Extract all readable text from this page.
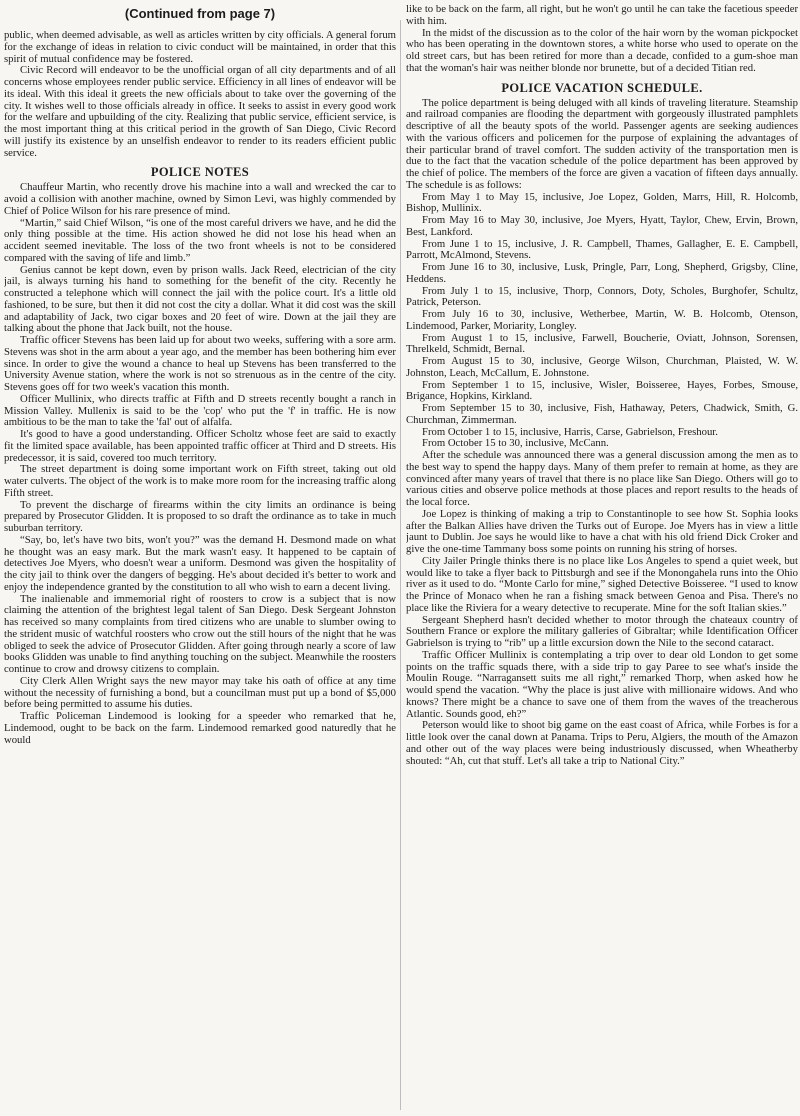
(Continued from page 7)

public, when deemed advisable, as well as articles written by city officials. A general forum for the exchange of ideas in relation to civic conduct will be maintained, in order that this spirit of mutual confidence may be fostered.

Civic Record will endeavor to be the unofficial organ of all city departments and of all concerns whose employees render public service. Efficiency in all lines of endeavor will be its ideal. With this ideal it greets the new officials about to take over the governing of the city. It wishes well to those officials already in office. It seeks to assist in every good work for the welfare and upbuilding of the city. Realizing that public service, efficient service, is the most important thing at this critical period in the growth of San Diego, Civic Record will justify its existence by an unselfish endeavor to render to its readers efficient public service.

POLICE NOTES

Chauffeur Martin, who recently drove his machine into a wall and wrecked the car to avoid a collision with another machine, owned by Simon Levi, was highly commended by Chief of Police Wilson for his rare presence of mind.

“Martin,” said Chief Wilson, “is one of the most careful drivers we have, and he did the only thing possible at the time. His action showed he did not lose his head when an accident seemed inevitable. The loss of the two front wheels is not to be considered compared with the saving of life and limb.”

Genius cannot be kept down, even by prison walls. Jack Reed, electrician of the city jail, is always turning his hand to something for the benefit of the city. Recently he constructed a telephone which will connect the jail with the police court. It's a little old fashioned, to be sure, but then it did not cost the city a dollar. What it did cost was the skill and adaptability of Jack, two cigar boxes and 20 feet of wire. Down at the jail they are talking about the phone that Jack built, not the house.

Traffic officer Stevens has been laid up for about two weeks, suffering with a sore arm. Stevens was shot in the arm about a year ago, and the member has been bothering him ever since. In order to give the wound a chance to heal up Stevens has been transferred to the University Avenue station, where the work is not so strenuous as in the centre of the city. Stevens goes off for two week's vacation this month.

Officer Mullinix, who directs traffic at Fifth and D streets recently bought a ranch in Mission Valley. Mullenix is said to be the 'cop' who put the 'f' in traffic. He is now ambitious to be the man to take the 'fal' out of alfalfa.

It's good to have a good understanding. Officer Scholtz whose feet are said to exactly fit the limited space available, has been appointed traffic officer at Third and D streets. His predecessor, it is said, covered too much territory.

The street department is doing some important work on Fifth street, taking out old water culverts. The object of the work is to make more room for the increasing traffic along Fifth street.

To prevent the discharge of firearms within the city limits an ordinance is being prepared by Prosecutor Glidden. It is proposed to so draft the ordinance as to take in much suburban territory.

“Say, bo, let's have two bits, won't you?” was the demand H. Desmond made on what he thought was an easy mark. But the mark wasn't easy. It happened to be captain of detectives Joe Myers, who doesn't wear a uniform. Desmond was given the hospitality of the city jail to think over the dangers of begging. He's about decided it's better to work and enjoy the independence granted by the constitution to all who wish to earn a decent living.

The inalienable and immemorial right of roosters to crow is a subject that is now claiming the attention of the brightest legal talent of San Diego. Desk Sergeant Johnston has received so many complaints from tired citizens who are unable to slumber owing to the strident music of watchful roosters who crow out the still hours of the night that he was obliged to seek the advice of Prosecutor Glidden. After going through nearly a score of law books Glidden was unable to find anything touching on the subject. Meanwhile the roosters continue to crow and drowsy citizens to complain.

City Clerk Allen Wright says the new mayor may take his oath of office at any time without the necessity of furnishing a bond, but a councilman must put up a bond of $5,000 before being permitted to assume his duties.

Traffic Policeman Lindemood is looking for a speeder who remarked that he, Lindemood, ought to be back on the farm. Lindemood remarked good naturedly that he would

like to be back on the farm, all right, but he won't go until he can take the facetious speeder with him.

In the midst of the discussion as to the color of the hair worn by the woman pickpocket who has been operating in the downtown stores, a white horse who used to operate on the old street cars, but has been retired for more than a decade, confided to a gum-shoe man that the woman's hair was neither blonde nor brunette, but of a decided Titian red.

POLICE VACATION SCHEDULE.

The police department is being deluged with all kinds of traveling literature. Steamship and railroad companies are flooding the department with gorgeously illustrated pamphlets descriptive of all the beauty spots of the world. Passenger agents are seeking audiences with the various officers and policemen for the purpose of explaining the advantages of their particular brand of travel comfort. The sudden activity of the transportation men is due to the fact that the vacation schedule of the police department has been approved by the chief of police. The members of the force are given a vacation of fifteen days annually. The schedule is as follows:

From May 1 to May 15, inclusive, Joe Lopez, Golden, Marrs, Hill, R. Holcomb, Bishop, Mullinix.

From May 16 to May 30, inclusive, Joe Myers, Hyatt, Taylor, Chew, Ervin, Brown, Best, Lankford.

From June 1 to 15, inclusive, J. R. Campbell, Thames, Gallagher, E. E. Campbell, Parrott, McAlmond, Stevens.

From June 16 to 30, inclusive, Lusk, Pringle, Parr, Long, Shepherd, Grigsby, Cline, Heddens.

From July 1 to 15, inclusive, Thorp, Connors, Doty, Scholes, Burghofer, Schultz, Patrick, Peterson.

From July 16 to 30, inclusive, Wetherbee, Martin, W. B. Holcomb, Otenson, Lindemood, Parker, Moriarity, Longley.

From August 1 to 15, inclusive, Farwell, Boucherie, Oviatt, Johnson, Sorensen, Threlkeld, Schmidt, Bernal.

From August 15 to 30, inclusive, George Wilson, Churchman, Plaisted, W. W. Johnston, Leach, McCallum, E. Johnstone.

From September 1 to 15, inclusive, Wisler, Boisseree, Hayes, Forbes, Smouse, Brigance, Hopkins, Kirkland.

From September 15 to 30, inclusive, Fish, Hathaway, Peters, Chadwick, Smith, G. Churchman, Zimmerman.

From October 1 to 15, inclusive, Harris, Carse, Gabrielson, Freshour.

From October 15 to 30, inclusive, McCann.

After the schedule was announced there was a general discussion among the men as to the best way to spend the happy days. Many of them prefer to remain at home, as they are convinced after many years of travel that there is no place like San Diego. Others will go to various cities and observe police methods at those places and report results to the heads of the local force.

Joe Lopez is thinking of making a trip to Constantinople to see how St. Sophia looks after the Balkan Allies have driven the Turks out of Europe. Joe Myers has in view a little jaunt to Dublin. Joe says he would like to have a chat with his old friend Dick Croker and give the one-time Tammany boss some points on running his string of horses.

City Jailer Pringle thinks there is no place like Los Angeles to spend a quiet week, but would like to take a flyer back to Pittsburgh and see if the Monongahela runs into the Ohio river as it used to do. “Monte Carlo for mine,” sighed Detective Boisseree. “I used to know the Prince of Monaco when he ran a fishing smack between Genoa and Pisa. There's no place like the Riviera for a weary detective to recuperate. Mine for the soft Italian skies.”

Sergeant Shepherd hasn't decided whether to motor through the chateaux country of Southern France or explore the military galleries of Gibraltar; while Identification Officer Gabrielson is trying to “rib” up a little excursion down the Nile to the second cataract.

Traffic Officer Mullinix is contemplating a trip over to dear old London to get some points on the traffic squads there, with a side trip to gay Paree to see what's inside the Moulin Rouge. “Narragansett suits me all right,” remarked Thorp, when asked how he would spend the vacation. “Why the place is just alive with millionaire widows. And who knows? There might be a chance to save one of them from the waves of the treacherous Atlantic. Sounds good, eh?”

Peterson would like to shoot big game on the east coast of Africa, while Forbes is for a little look over the canal down at Panama. Trips to Peru, Algiers, the mouth of the Amazon and other out of the way places were being industriously discussed, when Wheatherby shouted: “Ah, cut that stuff. Let's all take a trip to National City.”
